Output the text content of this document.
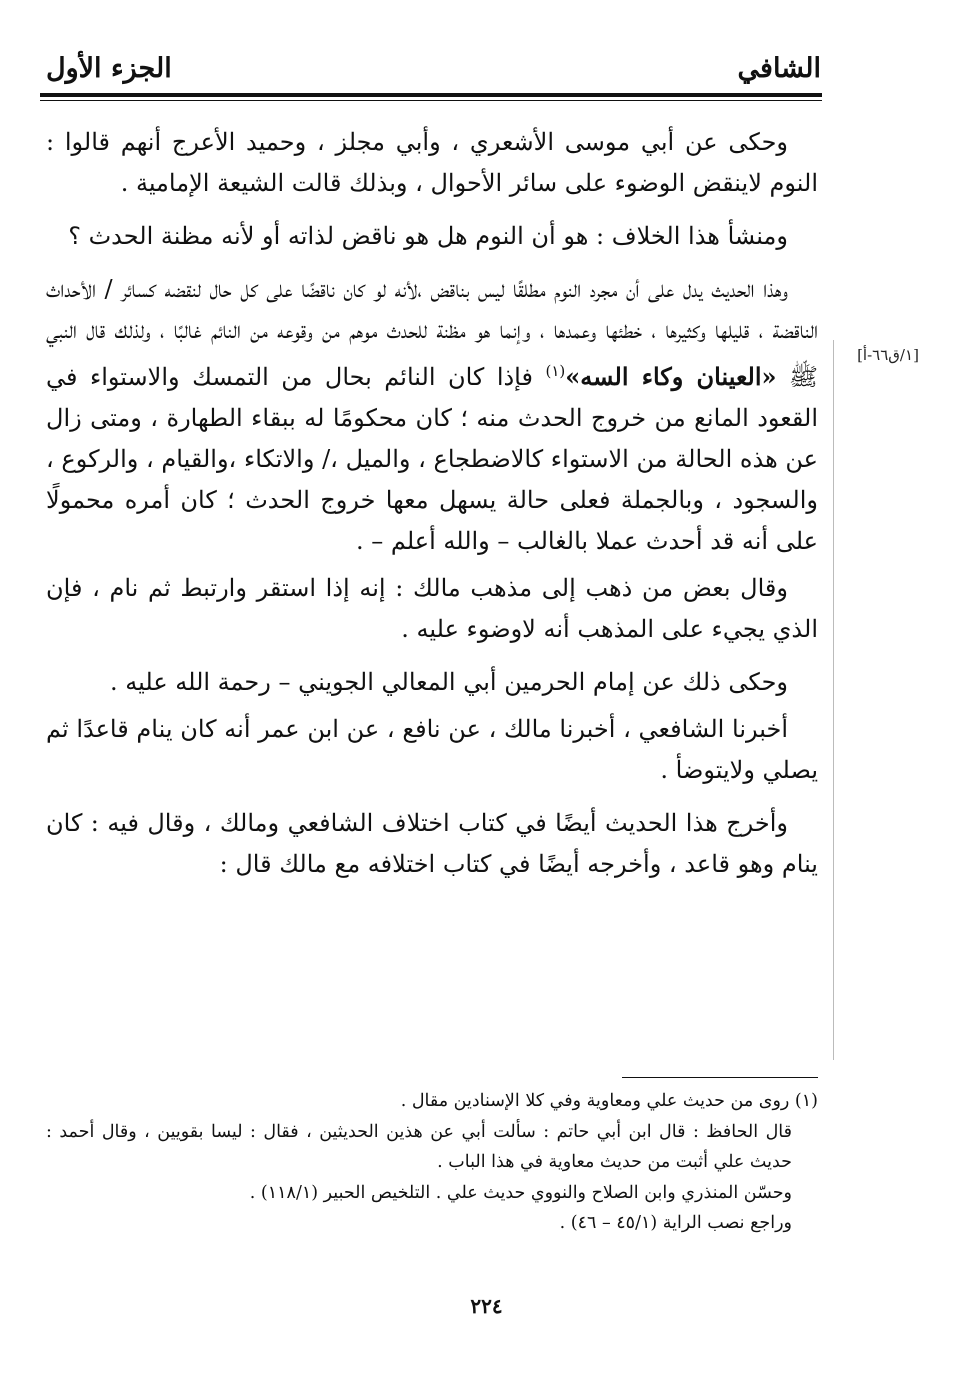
الشافي
الجزء الأول
[١/ق٦٦-أ]

وحكى عن أبي موسى الأشعري ، وأبي مجلز ، وحميد الأعرج أنهم قالوا : النوم لاينقض الوضوء على سائر الأحوال ، وبذلك قالت الشيعة الإمامية .

ومنشأ هذا الخلاف : هو أن النوم هل هو ناقض لذاته أو لأنه مظنة الحدث ؟

وهذا الحديث يدل على أن مجرد النوم مطلقًا ليس بناقض ،لأنه لو كان ناقضًا على كل حال لنقضه كسائر / الأحداث الناقضة ، قليلها وكثيرها ، خطئها وعمدها ، وإنما هو مظنة للحدث موهم من وقوعه من النائم غالبًا ، ولذلك قال النبي ﷺ «العينان وكاء السه»$^{(١)}$ فإذا كان النائم بحال من التمسك والاستواء في القعود المانع من خروج الحدث منه ؛ كان محكومًا له ببقاء الطهارة ، ومتى زال عن هذه الحالة من الاستواء كالاضطجاع ، والميل ،/ والاتكاء ،والقيام ، والركوع ، والسجود ، وبالجملة فعلى حالة يسهل معها خروج الحدث ؛ كان أمره محمولًا على أنه قد أحدث عملا بالغالب – والله أعلم – .

وقال بعض من ذهب إلى مذهب مالك : إنه إذا استقر وارتبط ثم نام ، فإن الذي يجيء على المذهب أنه لاوضوء عليه .

وحكى ذلك عن إمام الحرمين أبي المعالي الجويني – رحمة الله عليه .

أخبرنا الشافعي ، أخبرنا مالك ، عن نافع ، عن ابن عمر أنه كان ينام قاعدًا ثم يصلي ولايتوضأ .

وأخرج هذا الحديث أيضًا في كتاب اختلاف الشافعي ومالك ، وقال فيه : كان ينام وهو قاعد ، وأخرجه أيضًا في كتاب اختلافه مع مالك قال :

(١) روى من حديث علي ومعاوية وفي كلا الإسنادين مقال .

قال الحافظ : قال ابن أبي حاتم : سألت أبي عن هذين الحديثين ، فقال : ليسا بقويين ، وقال أحمد : حديث علي أثبت من حديث معاوية في هذا الباب .

وحسّن المنذري وابن الصلاح والنووي حديث علي . التلخيص الحبير (١١٨/١) .

وراجع نصب الراية (٤٥/١ – ٤٦) .

٢٢٤
